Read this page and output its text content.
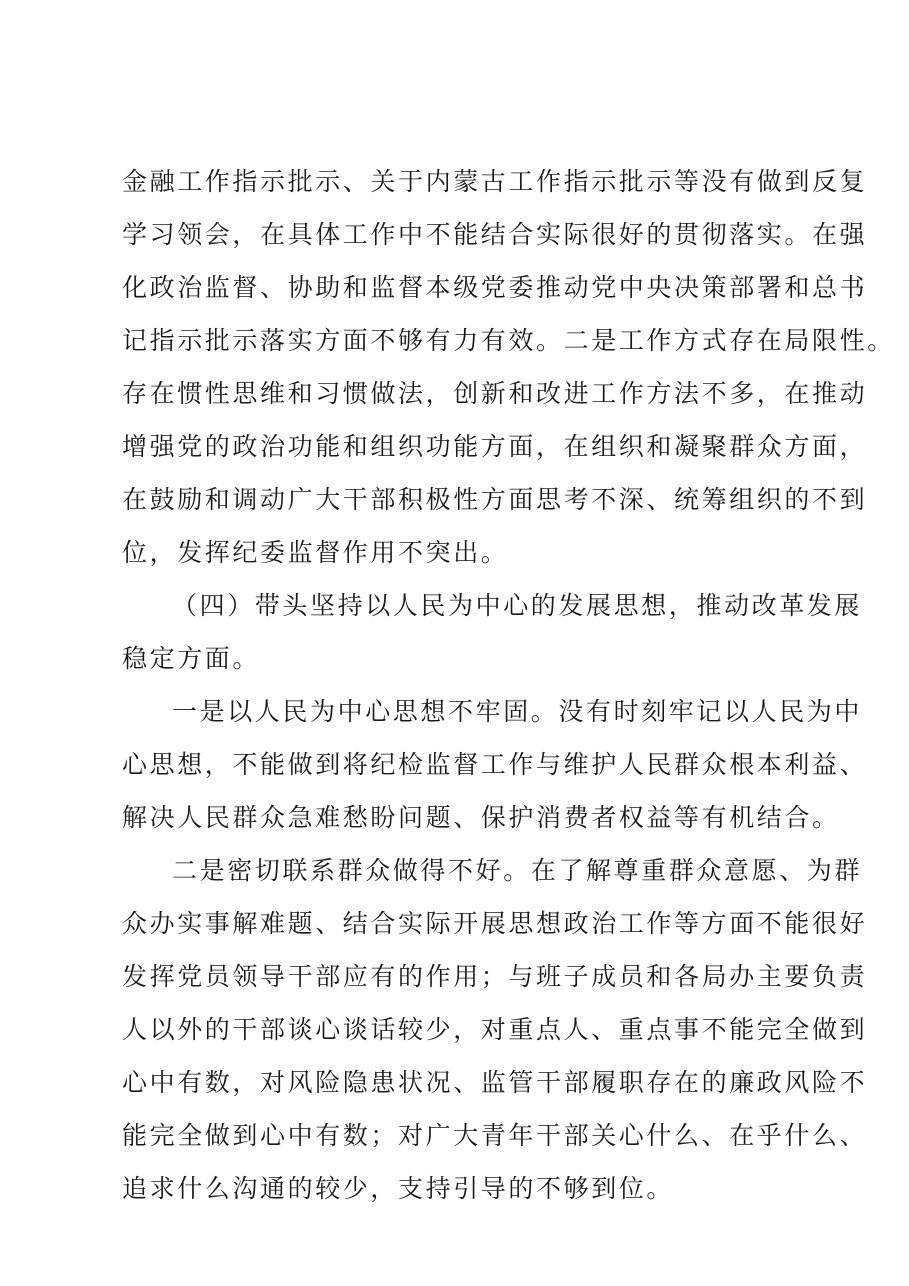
金融工作指示批示、关于内蒙古工作指示批示等没有做到反复
学习领会，在具体工作中不能结合实际很好的贯彻落实。在强
化政治监督、协助和监督本级党委推动党中央决策部署和总书
记指示批示落实方面不够有力有效。二是工作方式存在局限性。
存在惯性思维和习惯做法，创新和改进工作方法不多，在推动
增强党的政治功能和组织功能方面，在组织和凝聚群众方面，
在鼓励和调动广大干部积极性方面思考不深、统筹组织的不到
位，发挥纪委监督作用不突出。
（四）带头坚持以人民为中心的发展思想，推动改革发展
稳定方面。
一是以人民为中心思想不牢固。没有时刻牢记以人民为中
心思想，不能做到将纪检监督工作与维护人民群众根本利益、
解决人民群众急难愁盼问题、保护消费者权益等有机结合。
二是密切联系群众做得不好。在了解尊重群众意愿、为群
众办实事解难题、结合实际开展思想政治工作等方面不能很好
发挥党员领导干部应有的作用；与班子成员和各局办主要负责
人以外的干部谈心谈话较少，对重点人、重点事不能完全做到
心中有数，对风险隐患状况、监管干部履职存在的廉政风险不
能完全做到心中有数；对广大青年干部关心什么、在乎什么、
追求什么沟通的较少，支持引导的不够到位。
